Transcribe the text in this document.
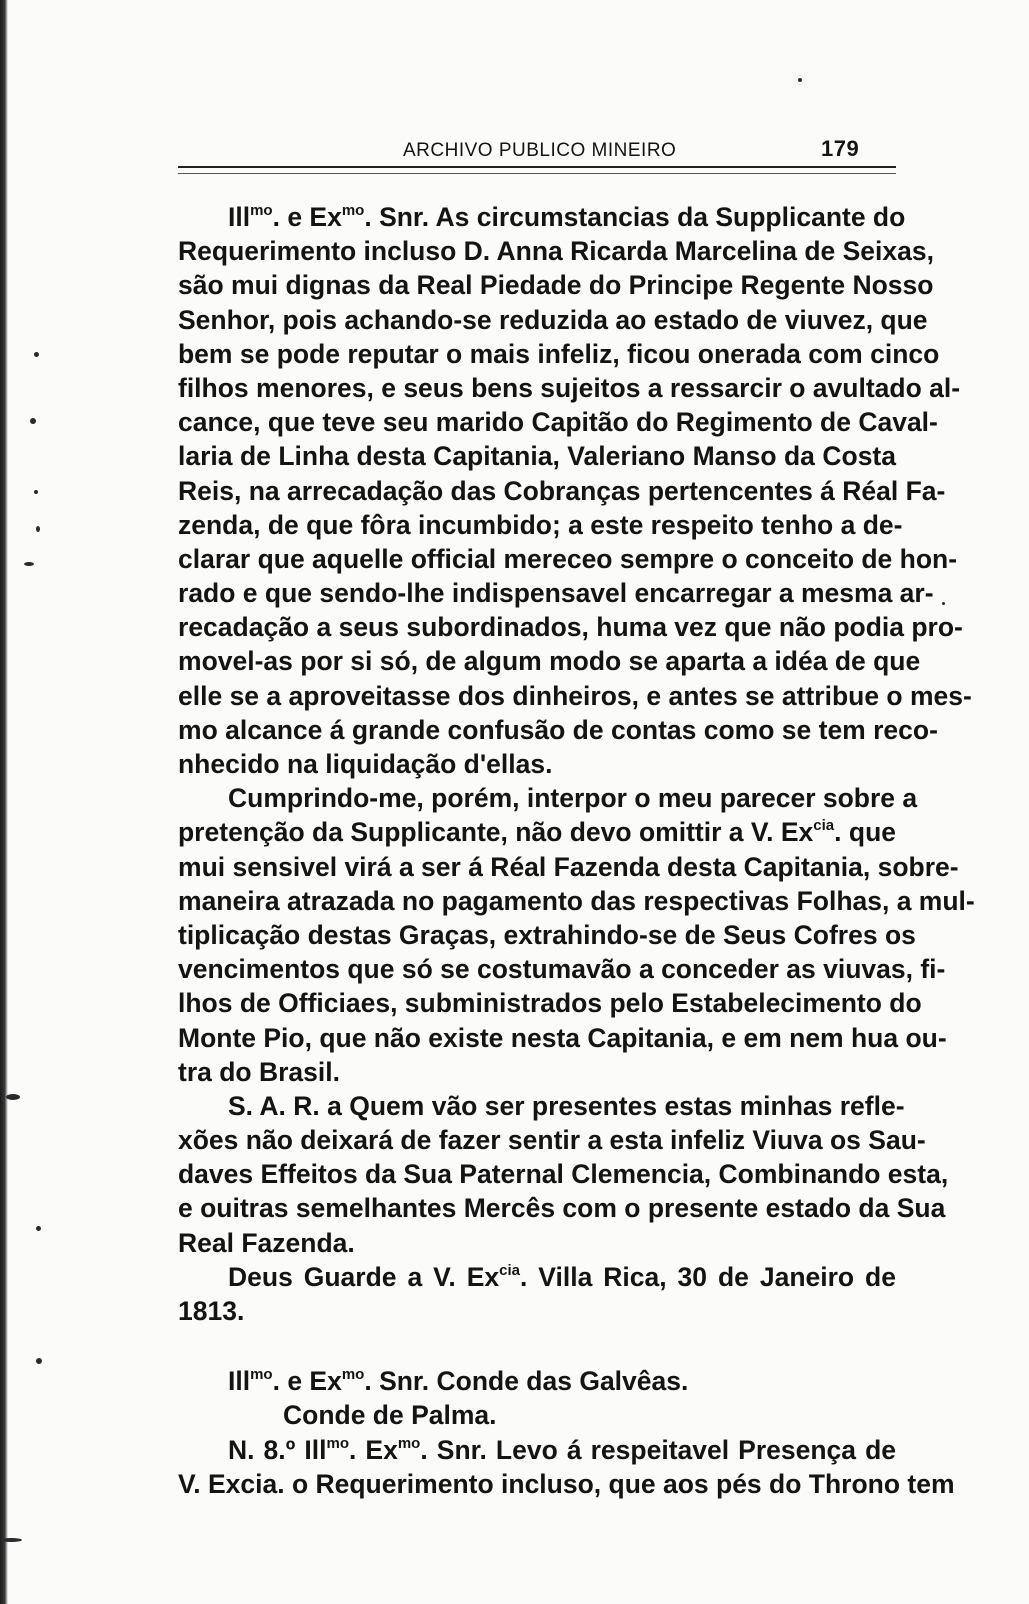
ARCHIVO PUBLICO MINEIRO	179
Ill$^{mo}$. e $Ex^{mo}$. Snr. As circumstancias da Supplicante do
Requerimento incluso D. Anna Ricarda Marcelina de Seixas,
são mui dignas da Real Piedade do Principe Regente Nosso
Senhor, pois achando-se reduzida ao estado de viuvez, que
bem se pode reputar o mais infeliz, ficou onerada com cinco
filhos menores, e seus bens sujeitos a ressarcir o avultado al-
cance, que teve seu marido Capitão do Regimento de Caval-
laria de Linha desta Capitania, Valeriano Manso da Costa
Reis, na arrecadação das Cobranças pertencentes á Réal Fa-
zenda, de que fôra incumbido; a este respeito tenho a de-
clarar que aquelle official mereceo sempre o conceito de hon-
rado e que sendo-lhe indispensavel encarregar a mesma ar-
recadação a seus subordinados, huma vez que não podia pro-
movel-as por si só, de algum modo se aparta a idéa de que
elle se a aproveitasse dos dinheiros, e antes se attribue o mes-
mo alcance á grande confusão de contas como se tem reco-
nhecido na liquidação d'ellas.
Cumprindo-me, porém, interpor o meu parecer sobre a
pretenção da Supplicante, não devo omittir a V. $Ex^{cia}$. que
mui sensivel virá a ser á Réal Fazenda desta Capitania, sobre-
maneira atrazada no pagamento das respectivas Folhas, a mul-
tiplicação destas Graças, extrahindo-se de Seus Cofres os
vencimentos que só se costumavão a conceder as viuvas, fi-
lhos de Officiaes, subministrados pelo Estabelecimento do
Monte Pio, que não existe nesta Capitania, e em nem hua ou-
tra do Brasil.
S. A. R. a Quem vão ser presentes estas minhas refle-
xões não deixará de fazer sentir a esta infeliz Viuva os Sau-
daves Effeitos da Sua Paternal Clemencia, Combinando esta,
e ouitras semelhantes Mercês com o presente estado da Sua
Real Fazenda.
Deus Guarde a V. $Ex^{cia}$. Villa Rica, 30 de Janeiro de
1813.
Ill$^{mo}$. e $Ex^{mo}$. Snr. Conde das Galvêas.
Conde de Palma.
N. 8.º Ill$^{mo}$. $Ex^{mo}$. Snr. Levo á respeitavel Presença de
V. Excia. o Requerimento incluso, que aos pés do Throno tem
